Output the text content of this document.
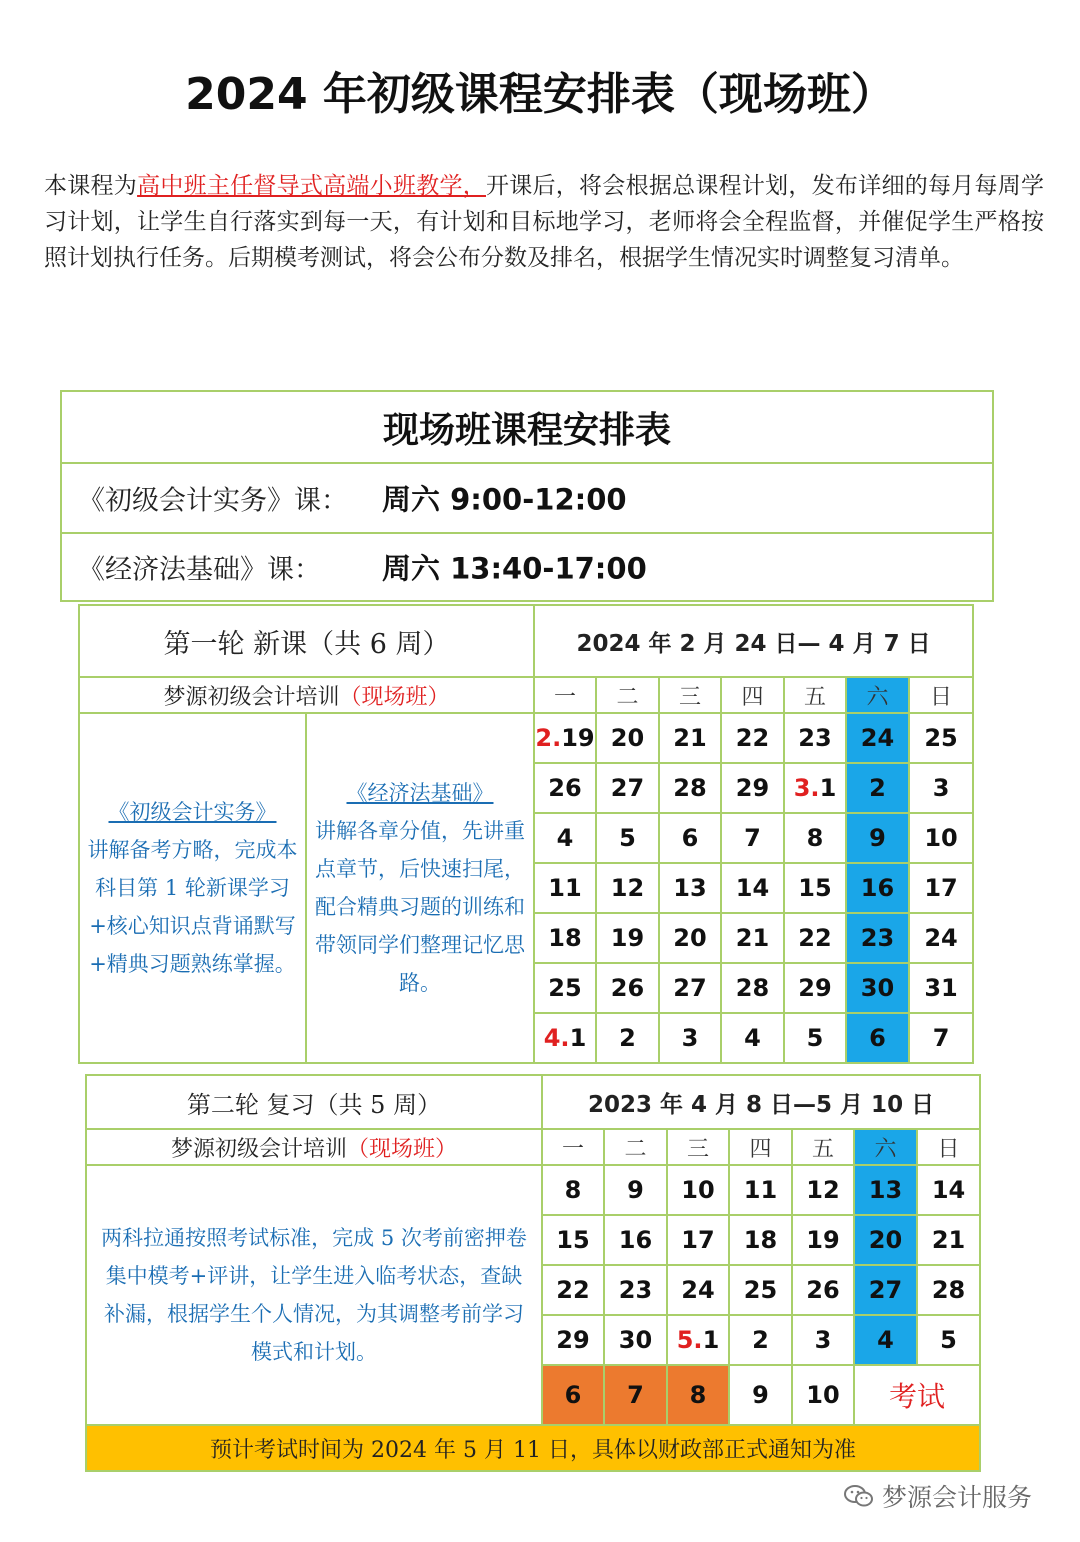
2024 年初级课程安排表（现场班）
本课程为高中班主任督导式高端小班教学，开课后，将会根据总课程计划，发布详细的每月每周学习计划，让学生自行落实到每一天，有计划和目标地学习，老师将会全程监督，并催促学生严格按照计划执行任务。后期模考测试，将会公布分数及排名，根据学生情况实时调整复习清单。
现场班课程安排表
《初级会计实务》课： 周六 9:00-12:00
《经济法基础》课： 周六 13:40-17:00
第一轮 新课（共 6 周）		2024 年 2 月 24 日— 4 月 7 日						
梦源初级会计培训（现场班）		一	二	三	四	五	六	日

《初级会计实务》
讲解备考方略，完成本科目第 1 轮新课学习+核心知识点背诵默写+精典习题熟练掌握。	《经济法基础》
讲解各章分值，先讲重点章节，后快速扫尾，配合精典习题的训练和带领同学们整理记忆思路。	2.19	20	21	22	23	24	25
		26	27	28	29	3.1	2	3
		4	5	6	7	8	9	10
		11	12	13	14	15	16	17
		18	19	20	21	22	23	24
		25	26	27	28	29	30	31
		4.1	2	3	4	5	6	7
第二轮 复习（共 5 周）	2023 年 4 月 8 日—5 月 10 日						
梦源初级会计培训（现场班）	一	二	三	四	五	六	日
两科拉通按照考试标准，完成 5 次考前密押卷集中模考+评讲，让学生进入临考状态，查缺补漏，根据学生个人情况，为其调整考前学习模式和计划。	8	9	10	11	12	13	14
	15	16	17	18	19	20	21
	22	23	24	25	26	27	28
	29	30	5.1	2	3	4	5
	6	7	8	9	10	考试	
预计考试时间为 2024 年 5 月 11 日，具体以财政部正式通知为准							
梦源会计服务
